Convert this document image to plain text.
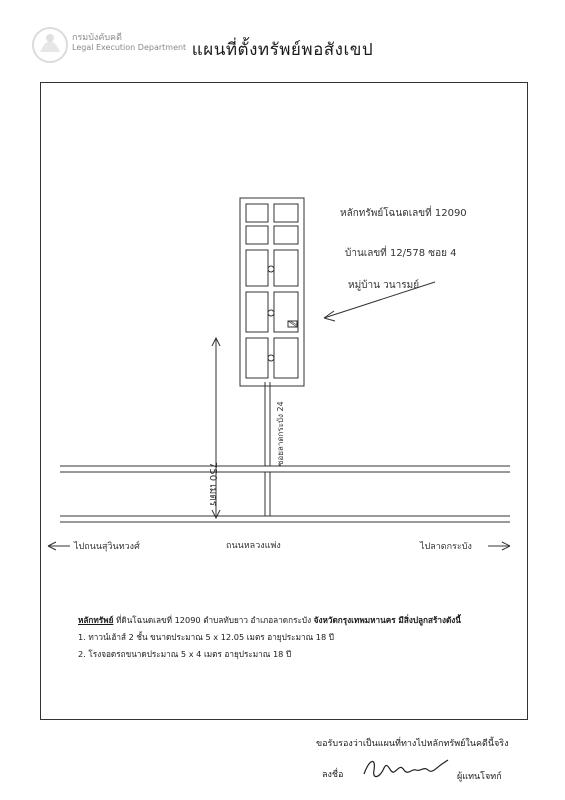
กรมบังคับคดี
Legal Execution Department แผนที่ตั้งทรัพย์พอสังเขป
หลักทรัพย์โฉนดเลขที่ 12090
บ้านเลขที่ 12/578 ซอย 4
หมู่บ้าน วนารมย์
ซอยลาดกระบัง 24
750 เมตร
ถนนหลวงแพ่ง
ไปถนนสุวินทวงศ์	ไปลาดกระบัง
หลักทรัพย์ ที่ดินโฉนดเลขที่ 12090 ตำบลทับยาว อำเภอลาดกระบัง จังหวัดกรุงเทพมหานคร มีสิ่งปลูกสร้างดังนี้
1. ทาวน์เฮ้าส์ 2 ชั้น ขนาดประมาณ 5 x 12.05 เมตร อายุประมาณ 18 ปี
2. โรงจอดรถขนาดประมาณ 5 x 4 เมตร อายุประมาณ 18 ปี
ขอรับรองว่าเป็นแผนที่ทางไปหลักทรัพย์ในคดีนี้จริง
ลงชื่อ	ผู้แทนโจทก์
